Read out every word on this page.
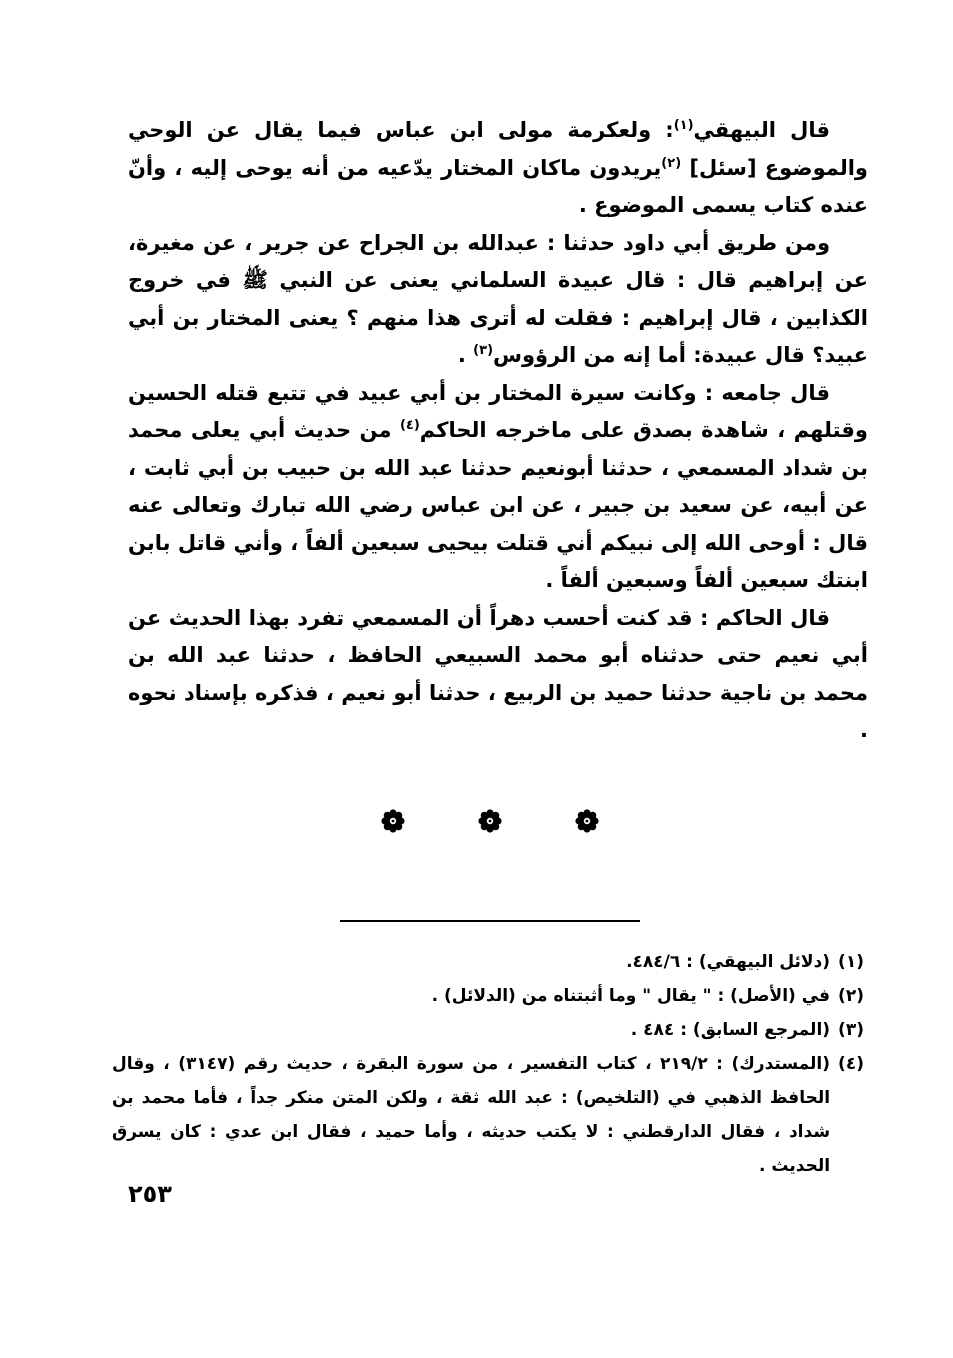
قال البيهقي$^{(١)}$: ولعكرمة مولى ابن عباس فيما يقال عن الوحي والموضوع [سئل] $^{(٢)}$يريدون ماكان المختار يدّعيه من أنه يوحى إليه ، وأنّ عنده كتاب يسمى الموضوع .

ومن طريق أبي داود حدثنا : عبدالله بن الجراح عن جرير ، عن مغيرة، عن إبراهيم قال : قال عبيدة السلماني يعنى عن النبي ﷺ في خروج الكذابين ، قال إبراهيم : فقلت له أترى هذا منهم ؟ يعنى المختار بن أبي عبيد؟ قال عبيدة: أما إنه من الرؤوس$^{(٣)}$ .

قال جامعه : وكانت سيرة المختار بن أبي عبيد في تتبع قتله الحسين وقتلهم ، شاهدة بصدق على ماخرجه الحاكم$^{(٤)}$ من حديث أبي يعلى محمد بن شداد المسمعي ، حدثنا أبونعيم حدثنا عبد الله بن حبيب بن أبي ثابت ، عن أبيه، عن سعيد بن جبير ، عن ابن عباس رضي الله تبارك وتعالى عنه قال : أوحى الله إلى نبيكم أني قتلت بيحيى سبعين ألفاً ، وأني قاتل بابن ابنتك سبعين ألفاً وسبعين ألفاً .

قال الحاكم : قد كنت أحسب دهراً أن المسمعي تفرد بهذا الحديث عن أبي نعيم حتى حدثناه أبو محمد السبيعي الحافظ ، حدثنا عبد الله بن محمد بن ناجية حدثنا حميد بن الربيع ، حدثنا أبو نعيم ، فذكره بإسناد نحوه .

(١)
(دلائل البيهقي) : ٤٨٤/٦.
(٢)
في (الأصل) : " يقال " وما أثبتناه من (الدلائل) .
(٣)
(المرجع السابق) : ٤٨٤ .
(٤)
(المستدرك) : ٢١٩/٢ ، كتاب التفسير ، من سورة البقرة ، حديث رقم (٣١٤٧) ، وقال الحافظ الذهبي في (التلخيص) : عبد الله ثقة ، ولكن المتن منكر جداً ، فأما محمد بن شداد ، فقال الدارقطني : لا يكتب حديثه ، وأما حميد ، فقال ابن عدي : كان يسرق الحديث .
٢٥٣
